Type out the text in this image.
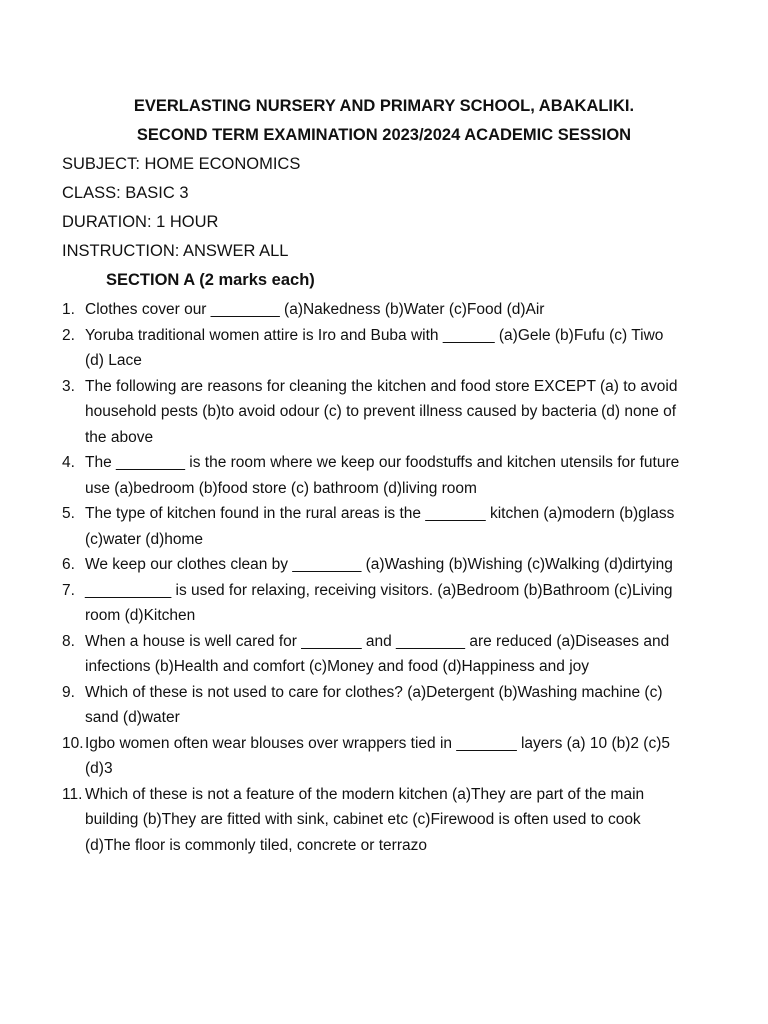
EVERLASTING NURSERY AND PRIMARY SCHOOL, ABAKALIKI.
SECOND TERM EXAMINATION 2023/2024 ACADEMIC SESSION
SUBJECT: HOME ECONOMICS
CLASS: BASIC 3
DURATION: 1 HOUR
INSTRUCTION: ANSWER ALL
SECTION A (2 marks each)
1. Clothes cover our ________ (a)Nakedness (b)Water (c)Food (d)Air
2. Yoruba traditional women attire is Iro and Buba with ______ (a)Gele (b)Fufu (c) Tiwo (d) Lace
3. The following are reasons for cleaning the kitchen and food store EXCEPT (a) to avoid household pests (b)to avoid odour (c) to prevent illness caused by bacteria (d) none of the above
4. The ________ is the room where we keep our foodstuffs and kitchen utensils for future use (a)bedroom (b)food store (c) bathroom (d)living room
5. The type of kitchen found in the rural areas is the _______ kitchen (a)modern (b)glass (c)water (d)home
6. We keep our clothes clean by ________ (a)Washing (b)Wishing (c)Walking (d)dirtying
7. __________ is used for relaxing, receiving visitors. (a)Bedroom (b)Bathroom (c)Living room (d)Kitchen
8. When a house is well cared for _______ and ________ are reduced (a)Diseases and infections (b)Health and comfort (c)Money and food (d)Happiness and joy
9. Which of these is not used to care for clothes? (a)Detergent (b)Washing machine (c) sand (d)water
10. Igbo women often wear blouses over wrappers tied in _______ layers (a) 10 (b)2 (c)5 (d)3
11. Which of these is not a feature of the modern kitchen (a)They are part of the main building (b)They are fitted with sink, cabinet etc (c)Firewood is often used to cook (d)The floor is commonly tiled, concrete or terrazo
